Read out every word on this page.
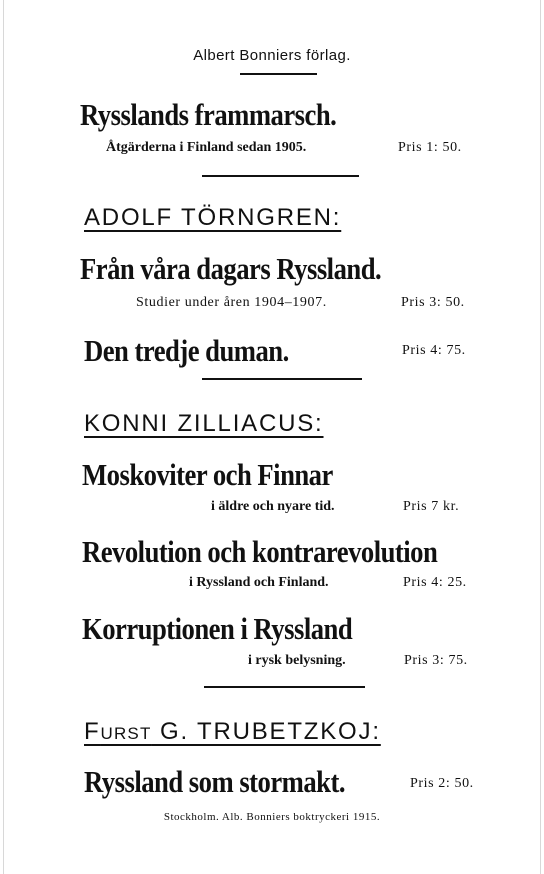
Albert Bonniers förlag.
Rysslands frammarsch.
Åtgärderna i Finland sedan 1905.	Pris 1: 50.
ADOLF TÖRNGREN:
Från våra dagars Ryssland.
Studier under åren 1904–1907.	Pris 3: 50.
Den tredje duman.	Pris 4: 75.
KONNI ZILLIACUS:
Moskoviter och Finnar
i äldre och nyare tid.	Pris 7 kr.
Revolution och kontrarevolution
i Ryssland och Finland.	Pris 4: 25.
Korruptionen i Ryssland
i rysk belysning.	Pris 3: 75.
FURST G. TRUBETZKOJ:
Ryssland som stormakt.	Pris 2: 50.
Stockholm. Alb. Bonniers boktryckeri 1915.
